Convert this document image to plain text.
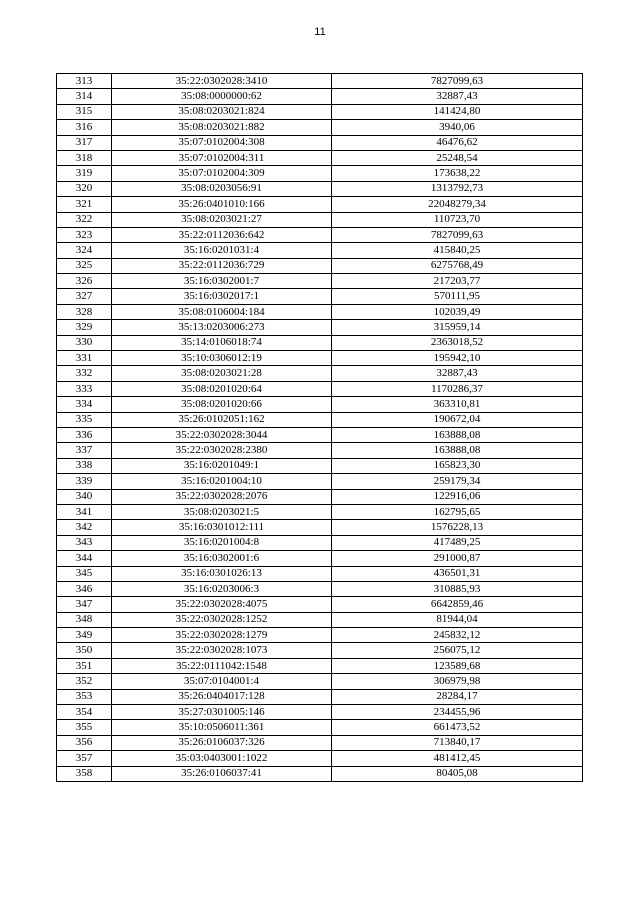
11
313	35:22:0302028:3410	7827099,63
314	35:08:0000000:62	32887,43
315	35:08:0203021:824	141424,80
316	35:08:0203021:882	3940,06
317	35:07:0102004:308	46476,62
318	35:07:0102004:311	25248,54
319	35:07:0102004:309	173638,22
320	35:08:0203056:91	1313792,73
321	35:26:0401010:166	22048279,34
322	35:08:0203021:27	110723,70
323	35:22:0112036:642	7827099,63
324	35:16:0201031:4	415840,25
325	35:22:0112036:729	6275768,49
326	35:16:0302001:7	217203,77
327	35:16:0302017:1	570111,95
328	35:08:0106004:184	102039,49
329	35:13:0203006:273	315959,14
330	35:14:0106018:74	2363018,52
331	35:10:0306012:19	195942,10
332	35:08:0203021:28	32887,43
333	35:08:0201020:64	1170286,37
334	35:08:0201020:66	363310,81
335	35:26:0102051:162	190672,04
336	35:22:0302028:3044	163888,08
337	35:22:0302028:2380	163888,08
338	35:16:0201049:1	165823,30
339	35:16:0201004:10	259179,34
340	35:22:0302028:2076	122916,06
341	35:08:0203021:5	162795,65
342	35:16:0301012:111	1576228,13
343	35:16:0201004:8	417489,25
344	35:16:0302001:6	291000,87
345	35:16:0301026:13	436501,31
346	35:16:0203006:3	310885,93
347	35:22:0302028:4075	6642859,46
348	35:22:0302028:1252	81944,04
349	35:22:0302028:1279	245832,12
350	35:22:0302028:1073	256075,12
351	35:22:0111042:1548	123589,68
352	35:07:0104001:4	306979,98
353	35:26:0404017:128	28284,17
354	35:27:0301005:146	234455,96
355	35:10:0506011:361	661473,52
356	35:26:0106037:326	713840,17
357	35:03:0403001:1022	481412,45
358	35:26:0106037:41	80405,08
